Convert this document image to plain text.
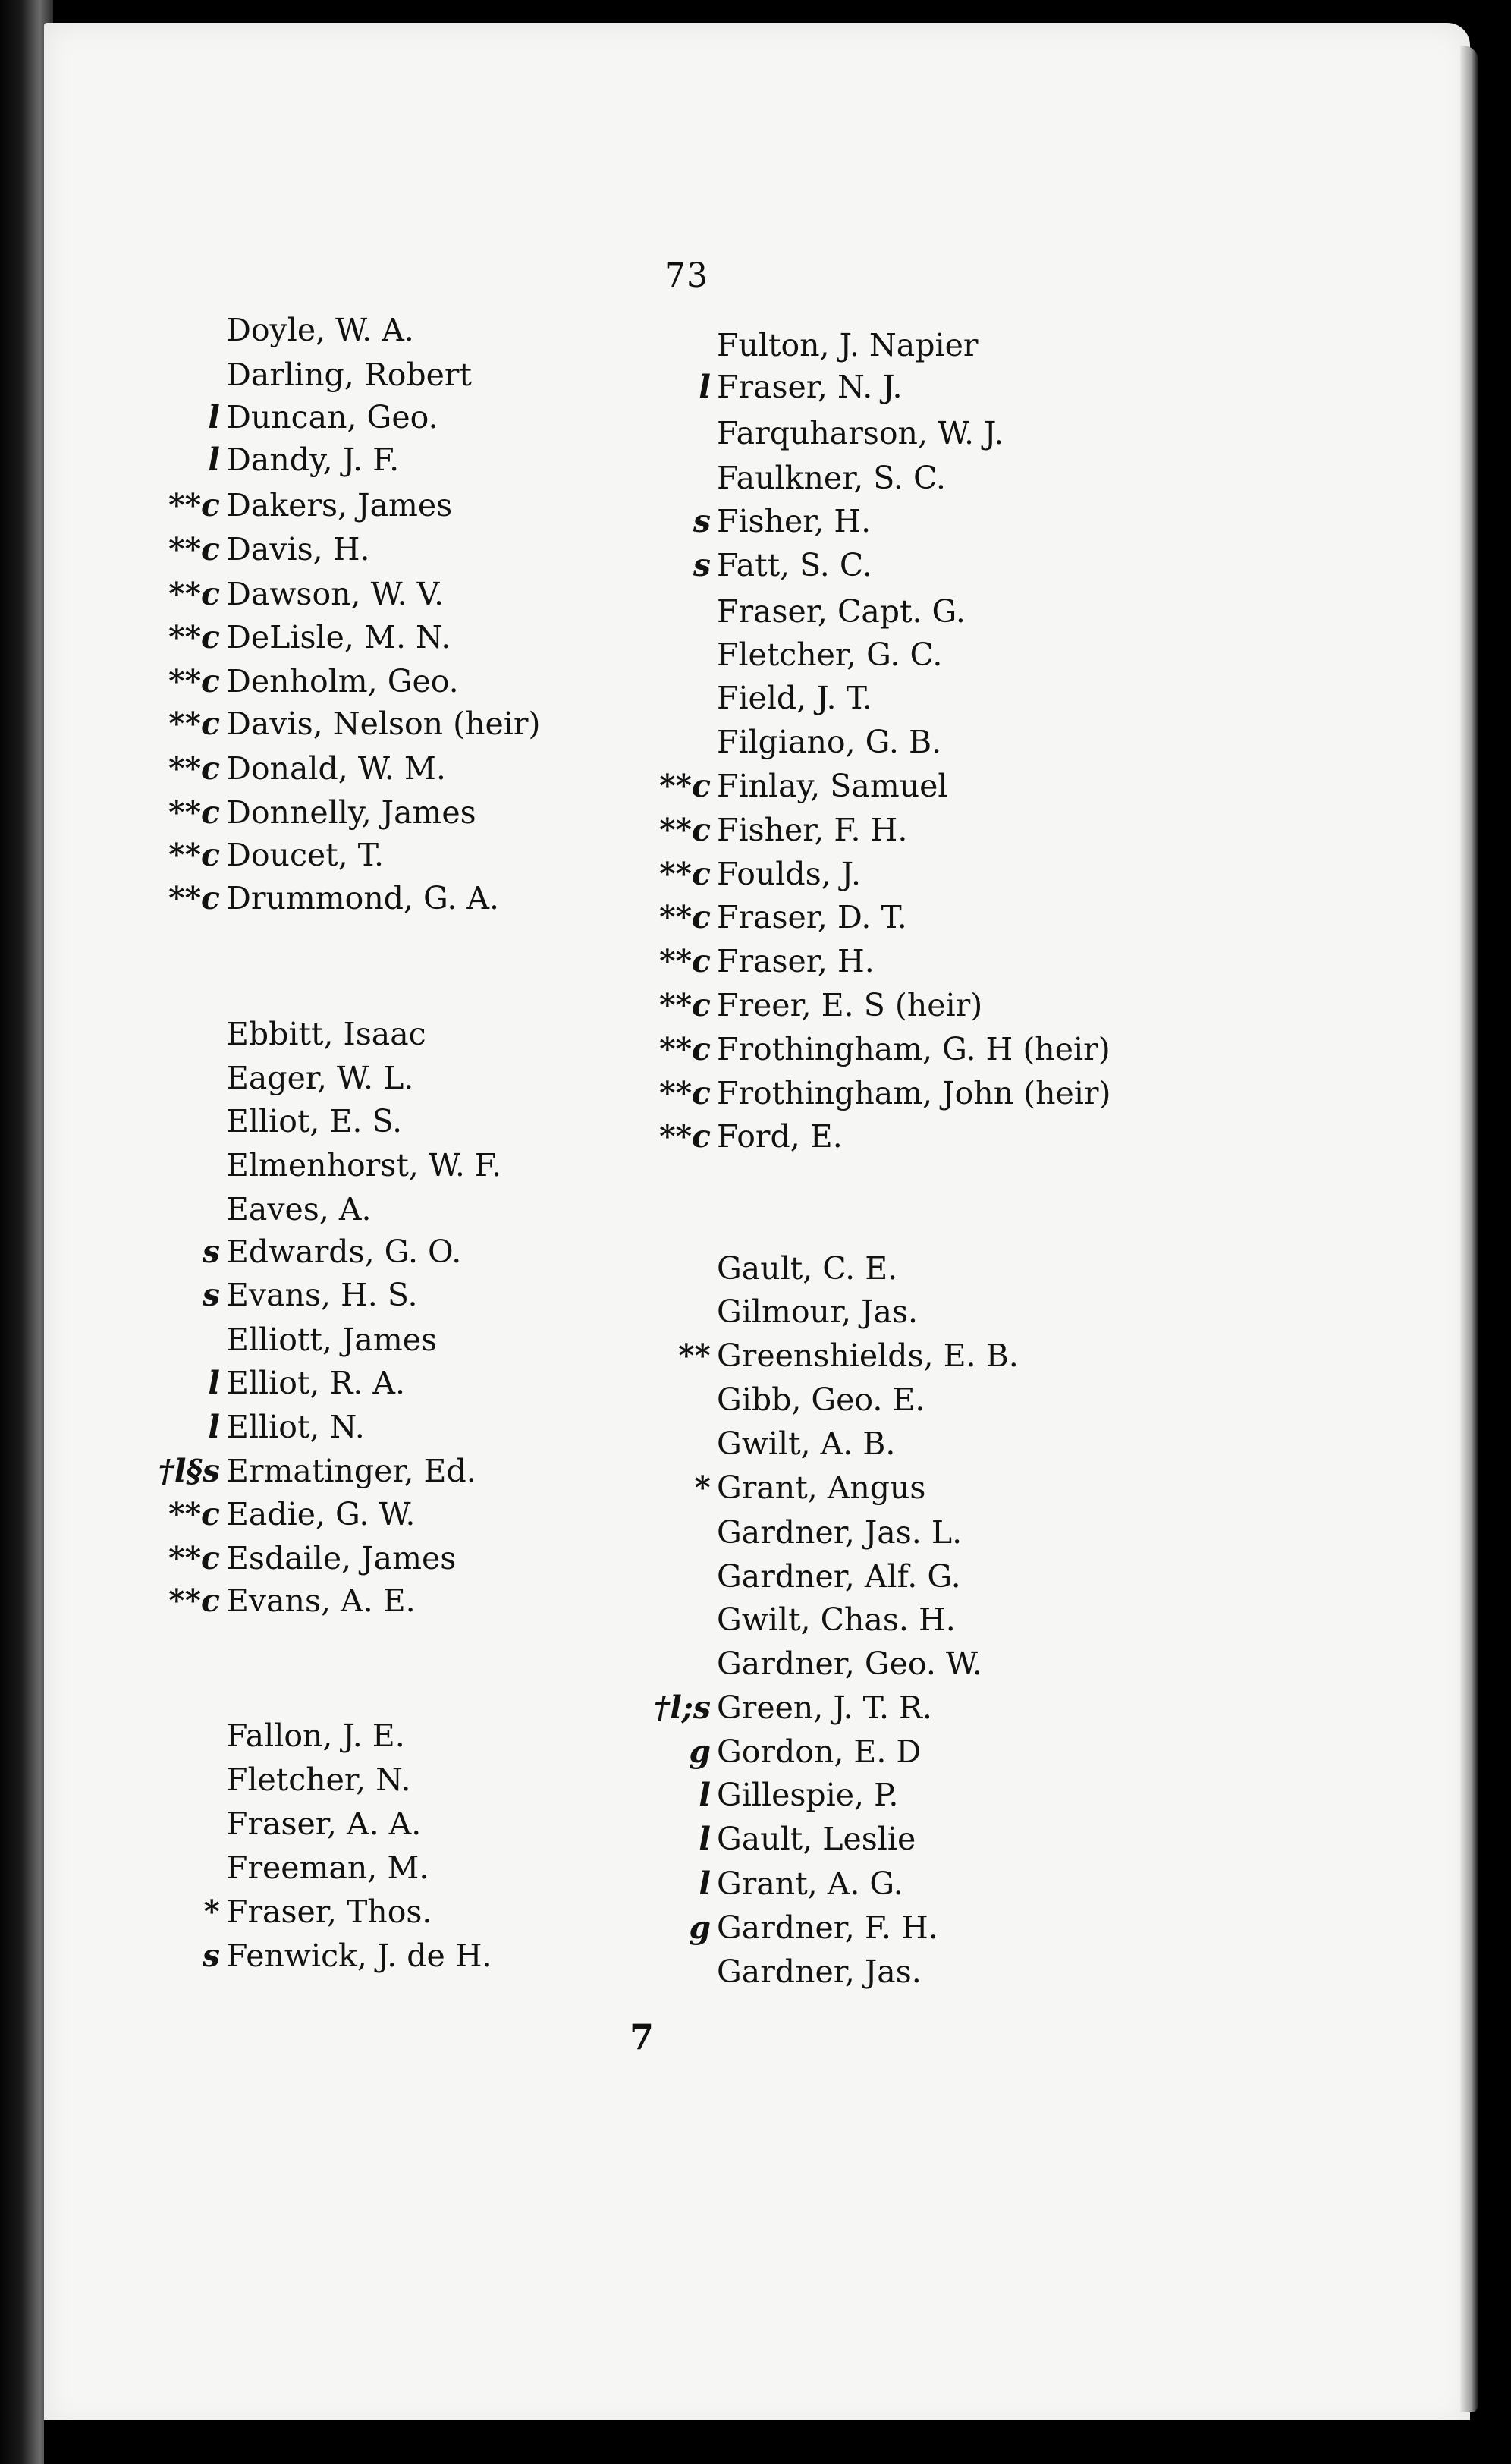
73
Doyle, W. A.
Darling, Robert
l Duncan, Geo.
l Dandy, J. F.
**c Dakers, James
**c Davis, H.
**c Dawson, W. V.
**c DeLisle, M. N.
**c Denholm, Geo.
**c Davis, Nelson (heir)
**c Donald, W. M.
**c Donnelly, James
**c Doucet, T.
**c Drummond, G. A.
Ebbitt, Isaac
Eager, W. L.
Elliot, E. S.
Elmenhorst, W. F.
Eaves, A.
s Edwards, G. O.
s Evans, H. S.
Elliott, James
l Elliot, R. A.
l Elliot, N.
†l§s Ermatinger, Ed.
**c Eadie, G. W.
**c Esdaile, James
**c Evans, A. E.
Fallon, J. E.
Fletcher, N.
Fraser, A. A.
Freeman, M.
* Fraser, Thos.
s Fenwick, J. de H.
Fulton, J. Napier
l Fraser, N. J.
Farquharson, W. J.
Faulkner, S. C.
s Fisher, H.
s Fatt, S. C.
Fraser, Capt. G.
Fletcher, G. C.
Field, J. T.
Filgiano, G. B.
**c Finlay, Samuel
**c Fisher, F. H.
**c Foulds, J.
**c Fraser, D. T.
**c Fraser, H.
**c Freer, E. S (heir)
**c Frothingham, G. H (heir)
**c Frothingham, John (heir)
**c Ford, E.
Gault, C. E.
Gilmour, Jas.
** Greenshields, E. B.
Gibb, Geo. E.
Gwilt, A. B.
* Grant, Angus
Gardner, Jas. L.
Gardner, Alf. G.
Gwilt, Chas. H.
Gardner, Geo. W.
†l;s Green, J. T. R.
g Gordon, E. D
l Gillespie, P.
l Gault, Leslie
l Grant, A. G.
g Gardner, F. H.
Gardner, Jas.
7
